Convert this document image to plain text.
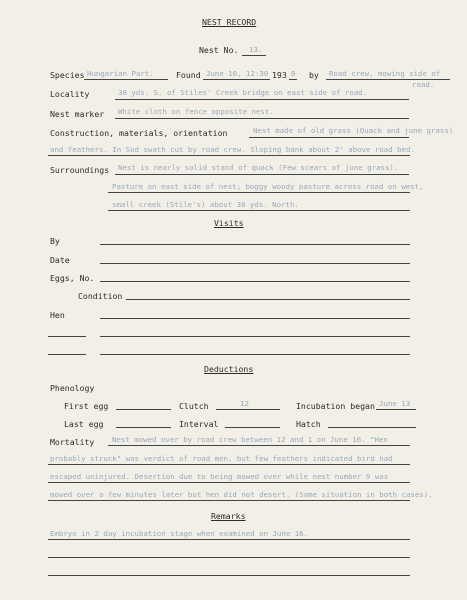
NEST RECORD
Nest No. 13.
Species Hungarian Part.	Found June 16, 12:30 193 8 by Road crew, mowing side of
road.
Locality	30 yds. S. of Stiles' Creek bridge on east side of road.
Nest marker White cloth on fence opposite nest.
Construction, materials, orientation	Nest made of old grass (Quack and june grass)
and feathers. In Sod swath cut by road crew. Sloping bank about 2' above road bed.
Surroundings Nest is nearly solid stand of quack (Few scears of june grass).
Pasture on east side of nest; boggy woody pasture across road on west,
small creek (Stile's) about 30 yds. North.
Visits
By
Date
Eggs, No.
Condition
Hen
Deductions
Phenology
First egg	Clutch	12	Incubation began June 13
Last egg	Interval	Hatch
Mortality Nest mowed over by road crew between 12 and 1 on June 16. "Hen
probably struck" was verdict of road men, but few feathers indicated bird had
escaped uninjured. Desertion due to being mowed over while nest number 9 was
mowed over a few minutes later but hen did not desert. (Same situation in both cases).
Remarks
Embryo in 2 day incubation stage when examined on June 16.
